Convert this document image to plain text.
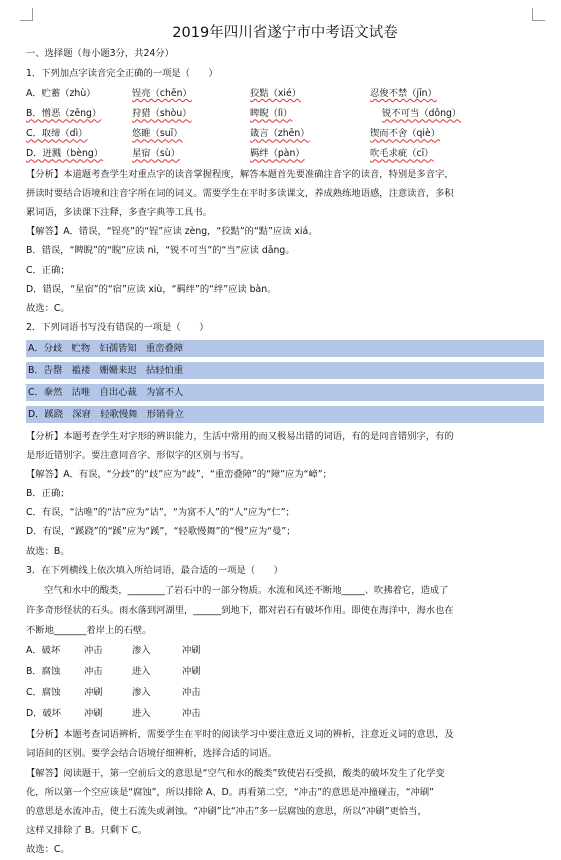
2019年四川省遂宁市中考语文试卷
一、选择题（每小题3分，共24分）
1．下列加点字读音完全正确的一项是（　　）
A．贮蓄（zhù）	锃亮（chēn）	狡黠（xié）	忍俊不禁（jīn）
B．憎恶（zēng）	狩猎（shòu）	睥睨（lì）	锐不可当（dōng）
C．取缔（dì）	悠睢（suī）	箴言（zhēn）	锲而不舍（qiè）
D．迸溅（bèng）	星宿（sù）	羁绊（pàn）	吹毛求疵（cī）
【分析】本道题考查学生对重点字的读音掌握程度，解答本题首先要准确注音字的读音，特别是多音字，
拼读时要结合语境和注音字所在词的词义。需要学生在平时多读课文，养成熟练地语感，注意读音，多积
累词语，多读课下注释，多查字典等工具书。
【解答】A．错误，“锃亮”的“锃”应读 zèng，“狡黠”的“黠”应读 xiá。
B．错误，“睥睨”的“睨”应读 nì，“锐不可当”的“当”应读 dāng。
C．正确；
D．错误，“星宿”的“宿”应读 xiù，“羁绊”的“绊”应读 bàn。
故选：C。
2．下列词语书写没有错误的一项是（　　）
A．分歧　贮物　妇孺皆知　重峦叠障
B．告罄　褴褛　姗姗来迟　拈轻怕重
C．豢然　沽唯　自出心裁　为富不人
D．蹊跷　深窘　轻歌慢舞　形销骨立
【分析】本题考查学生对字形的辨识能力，生活中常用的而又极易出错的词语，有的是同音错别字，有的
是形近错别字。要注意同音字、形似字的区别与书写。
【解答】A．有误，“分歧”的“歧”应为“歧”，“重峦叠障”的“障”应为“嶂”；
B．正确；
C．有误，“沽唯”的“沽”应为“诂”，“为富不人”的“人”应为“仁”；
D．有误，“蹊跷”的“蹊”应为“蹊”，“轻歌慢舞”的“慢”应为“曼”；
故选：B。
3．在下列横线上依次填入所给词语，最合适的一项是（　　）
空气和水中的酸类，________了岩石中的一部分物质。水流和风还不断地_____、吹拂着它，造成了
许多奇形怪状的石头。雨水落到河湖里，______到地下，都对岩石有破坏作用。即使在海洋中，海水也在
不断地_______着岸上的石壁。
A．破坏	冲击	渗入	冲刷
B．腐蚀	冲击	进入	冲刷
C．腐蚀	冲刷	渗入	冲击
D．破坏	冲刷	进入	冲击
【分析】本题考查词语辨析，需要学生在平时的阅读学习中要注意近义词的辨析，注意近义词的意思，及
词语间的区别。要学会结合语境仔细辨析，选择合适的词语。
【解答】阅读题干，第一空前后文的意思是“空气和水的酸类”致使岩石受损，酸类的破坏发生了化学变
化，所以第一个空应该是“腐蚀”，所以排除 A、D。再看第二空，“冲击”的意思是冲撞碰击，“冲刷”
的意思是水流冲击，使土石流失或剥蚀。“冲刷”比“冲击”多一层腐蚀的意思，所以“冲刷”更恰当，
这样又排除了 B。只剩下 C。
故选：C。
